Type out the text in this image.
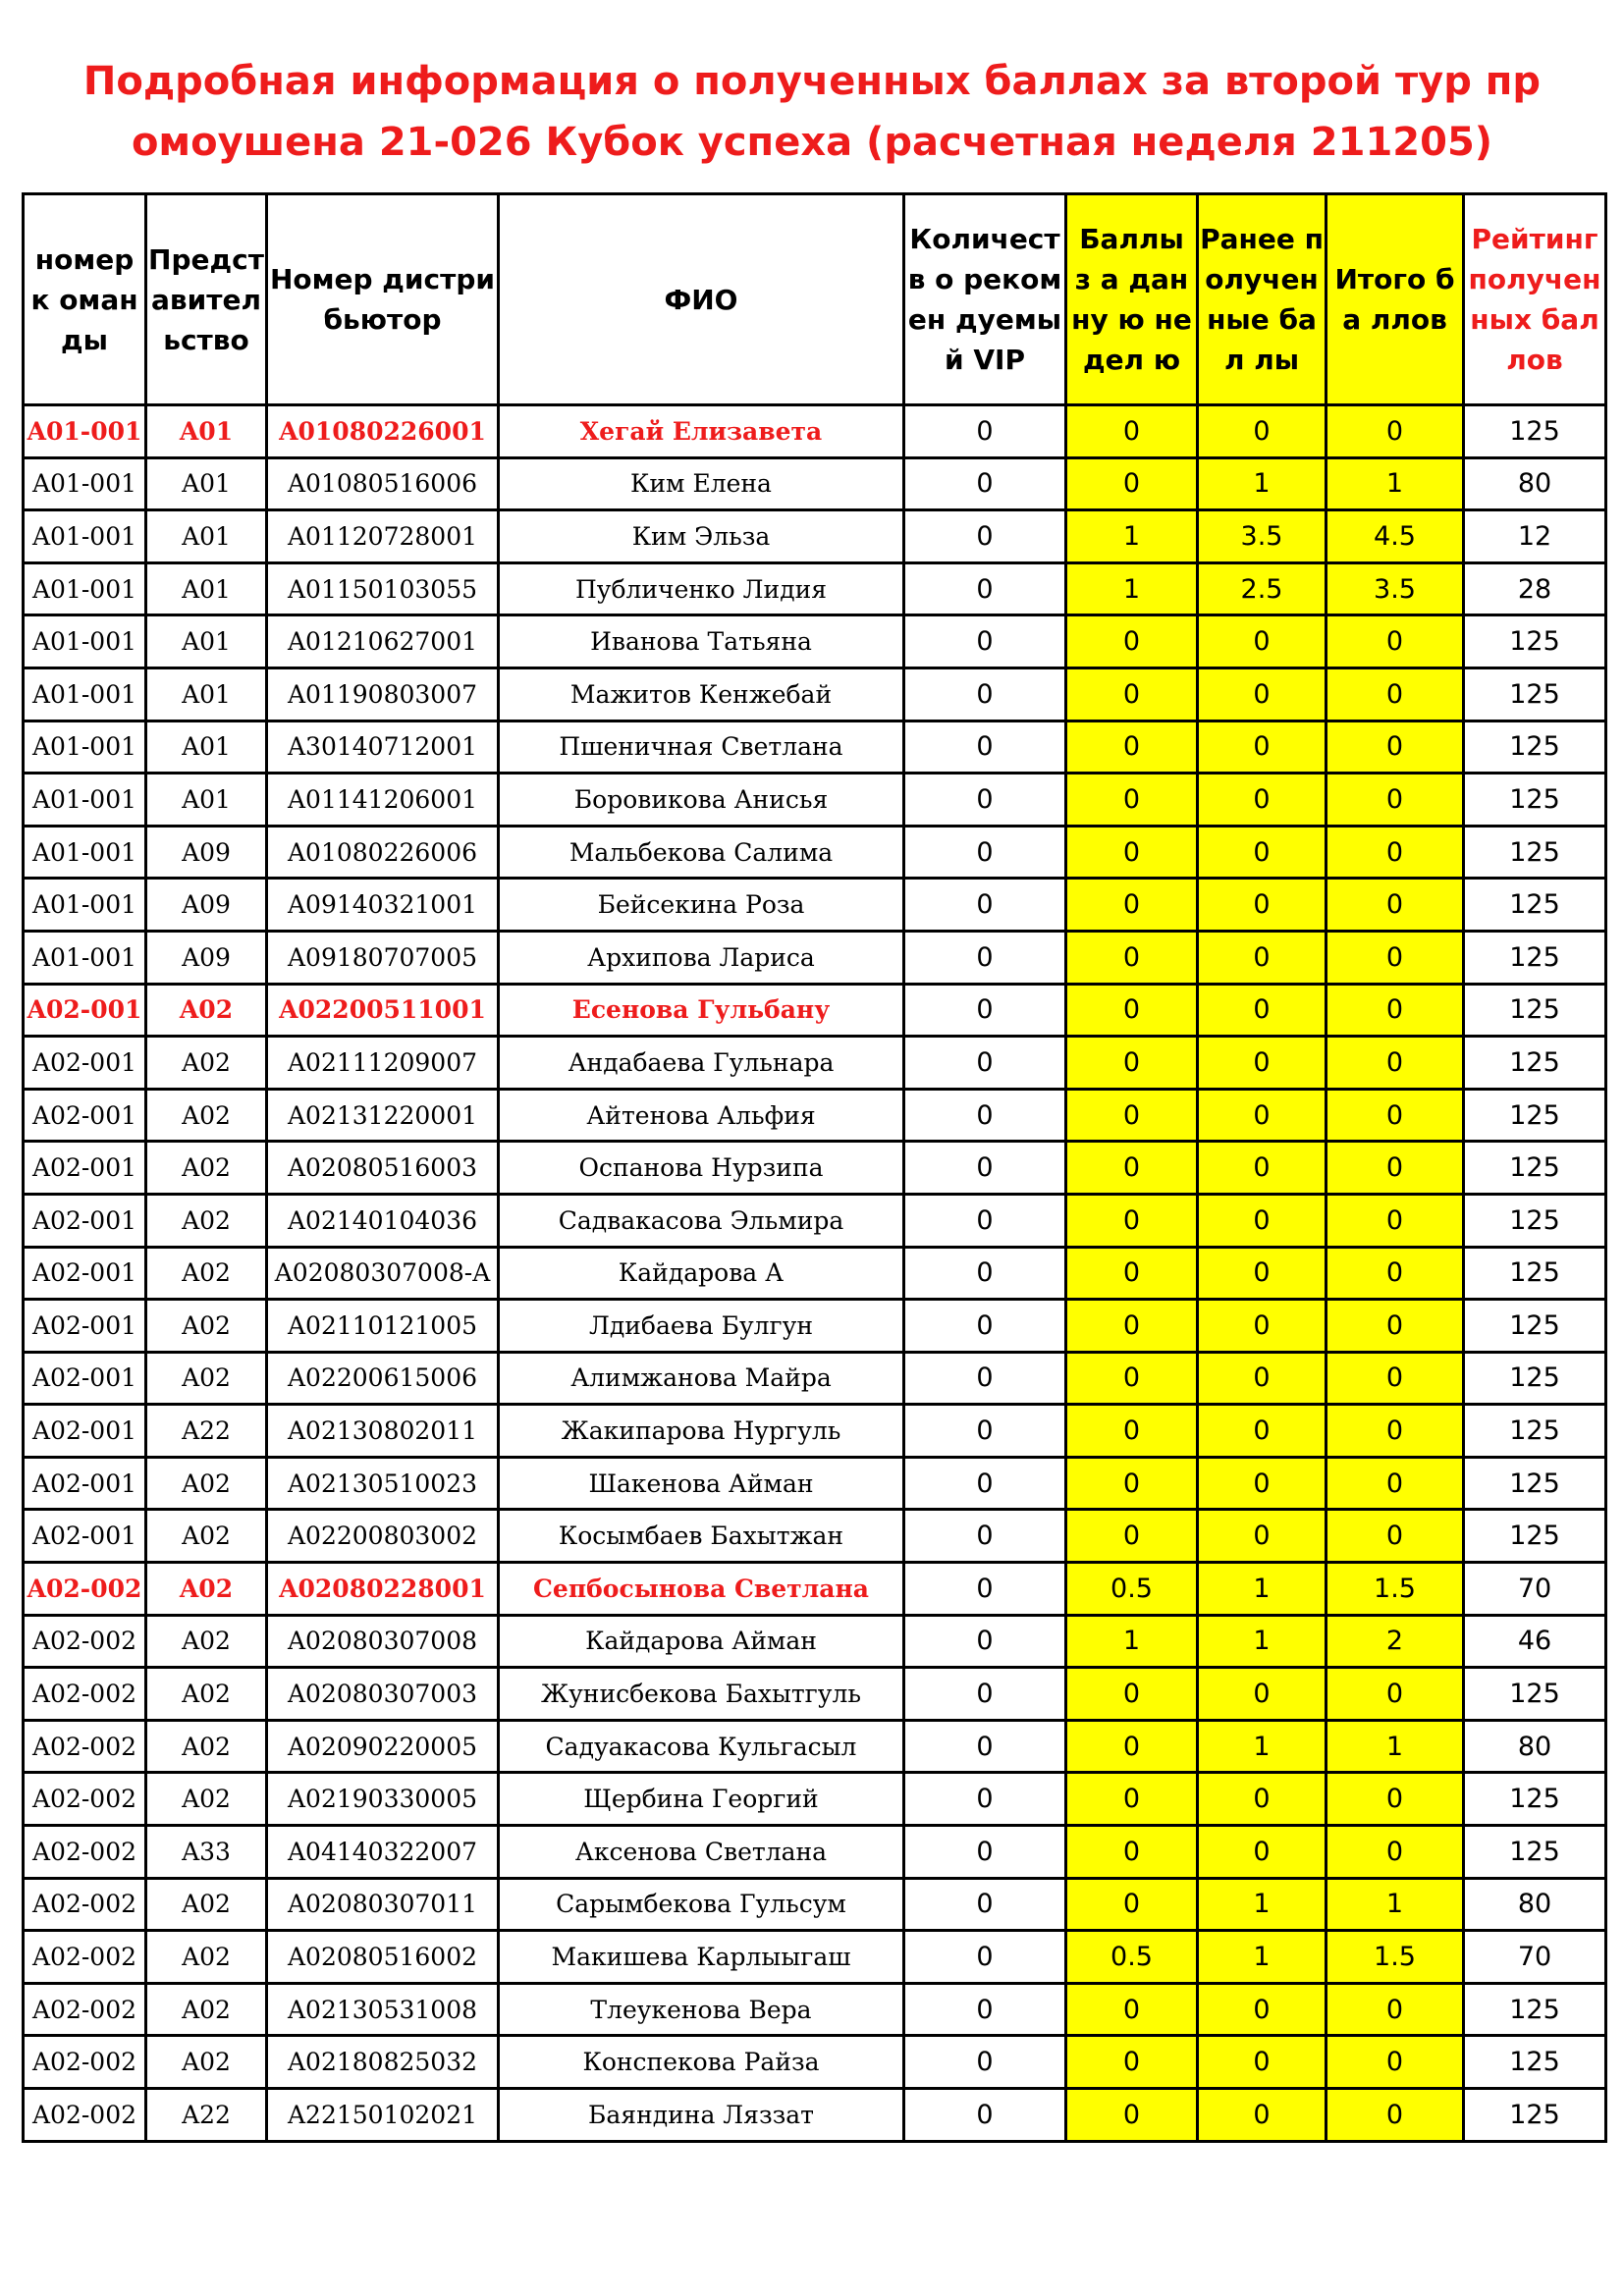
Подробная информация о полученных баллах за второй тур пр
омоушена 21-026 Кубок успеха (расчетная неделя 211205)
номер к оманды	Предст авител ьство	Номер дистри бьютор	ФИО	Количеств о рекомен дуемый VIP	Баллы з а данну ю недел ю	Ранее п олучен ные бал лы	Итого ба ллов	Рейтинг получен ных бал лов
A01-001	A01	A01080226001	Хегай Елизавета	0	0	0	0	125
A01-001	A01	A01080516006	Ким Елена	0	0	1	1	80
A01-001	A01	A01120728001	Ким Эльза	0	1	3.5	4.5	12
A01-001	A01	A01150103055	Публиченко Лидия	0	1	2.5	3.5	28
A01-001	A01	A01210627001	Иванова Татьяна	0	0	0	0	125
A01-001	A01	A01190803007	Мажитов Кенжебай	0	0	0	0	125
A01-001	A01	A30140712001	Пшеничная Светлана	0	0	0	0	125
A01-001	A01	A01141206001	Боровикова Анисья	0	0	0	0	125
A01-001	A09	A01080226006	Мальбекова Салима	0	0	0	0	125
A01-001	A09	A09140321001	Бейсекина Роза	0	0	0	0	125
A01-001	A09	A09180707005	Архипова Лариса	0	0	0	0	125
A02-001	A02	A02200511001	Есенова Гульбану	0	0	0	0	125
A02-001	A02	A02111209007	Андабаева Гульнара	0	0	0	0	125
A02-001	A02	A02131220001	Айтенова Альфия	0	0	0	0	125
A02-001	A02	A02080516003	Оспанова Нурзипа	0	0	0	0	125
A02-001	A02	A02140104036	Садвакасова Эльмира	0	0	0	0	125
A02-001	A02	A02080307008-A	Кайдарова А	0	0	0	0	125
A02-001	A02	A02110121005	Лдибаева Булгун	0	0	0	0	125
A02-001	A02	A02200615006	Алимжанова Майра	0	0	0	0	125
A02-001	A22	A02130802011	Жакипарова Нургуль	0	0	0	0	125
A02-001	A02	A02130510023	Шакенова Айман	0	0	0	0	125
A02-001	A02	A02200803002	Косымбаев Бахытжан	0	0	0	0	125
A02-002	A02	A02080228001	Сепбосынова Светлана	0	0.5	1	1.5	70
A02-002	A02	A02080307008	Кайдарова Айман	0	1	1	2	46
A02-002	A02	A02080307003	Жунисбекова Бахытгуль	0	0	0	0	125
A02-002	A02	A02090220005	Садуакасова Кульгасыл	0	0	1	1	80
A02-002	A02	A02190330005	Щербина Георгий	0	0	0	0	125
A02-002	A33	A04140322007	Аксенова Светлана	0	0	0	0	125
A02-002	A02	A02080307011	Сарымбекова Гульсум	0	0	1	1	80
A02-002	A02	A02080516002	Макишева Карлыыгаш	0	0.5	1	1.5	70
A02-002	A02	A02130531008	Тлеукенова Вера	0	0	0	0	125
A02-002	A02	A02180825032	Конспекова Райза	0	0	0	0	125
A02-002	A22	A22150102021	Баяндина Ляззат	0	0	0	0	125
